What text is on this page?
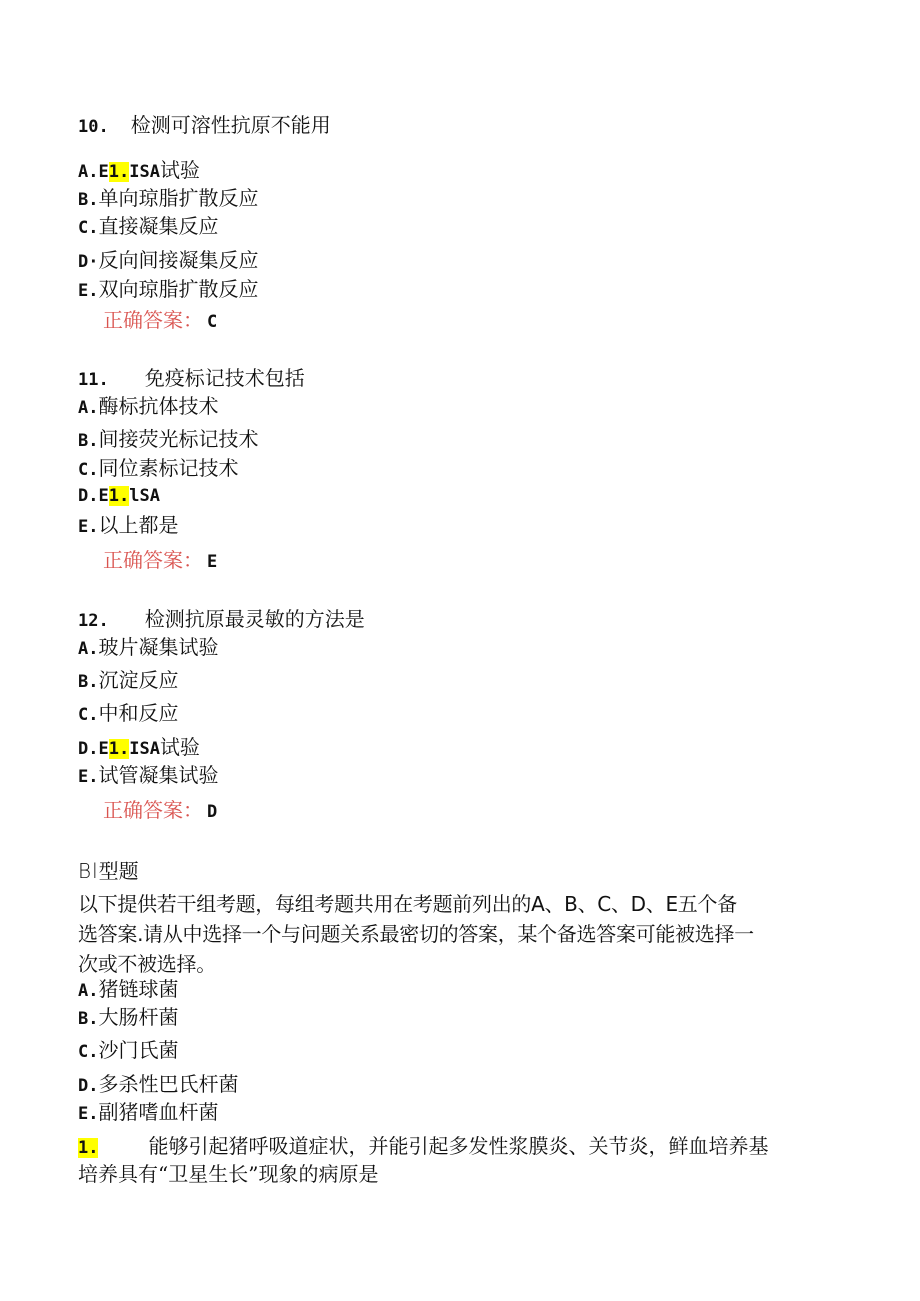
10. 检测可溶性抗原不能用
A.E1.ISA试验
B.单向琼脂扩散反应
C.直接凝集反应
D·反向间接凝集反应
E.双向琼脂扩散反应
正确答案： C
11. 免疫标记技术包括
A.酶标抗体技术
B.间接荧光标记技术
C.同位素标记技术
D.E1.lSA
E.以上都是
正确答案： E
12. 检测抗原最灵敏的方法是
A.玻片凝集试验
B.沉淀反应
C.中和反应
D.E1.ISA试验
E.试管凝集试验
正确答案： D
Bl型题
以下提供若干组考题，每组考题共用在考题前列出的A、B、C、D、E五个备
选答案.请从中选择一个与问题关系最密切的答案，某个备选答案可能被选择一
次或不被选择。
A.猪链球菌
B.大肠杆菌
C.沙门氏菌
D.多杀性巴氏杆菌
E.副猪嗜血杆菌
1.	能够引起猪呼吸道症状，并能引起多发性浆膜炎、关节炎，鲜血培养基
培养具有“卫星生长”现象的病原是
